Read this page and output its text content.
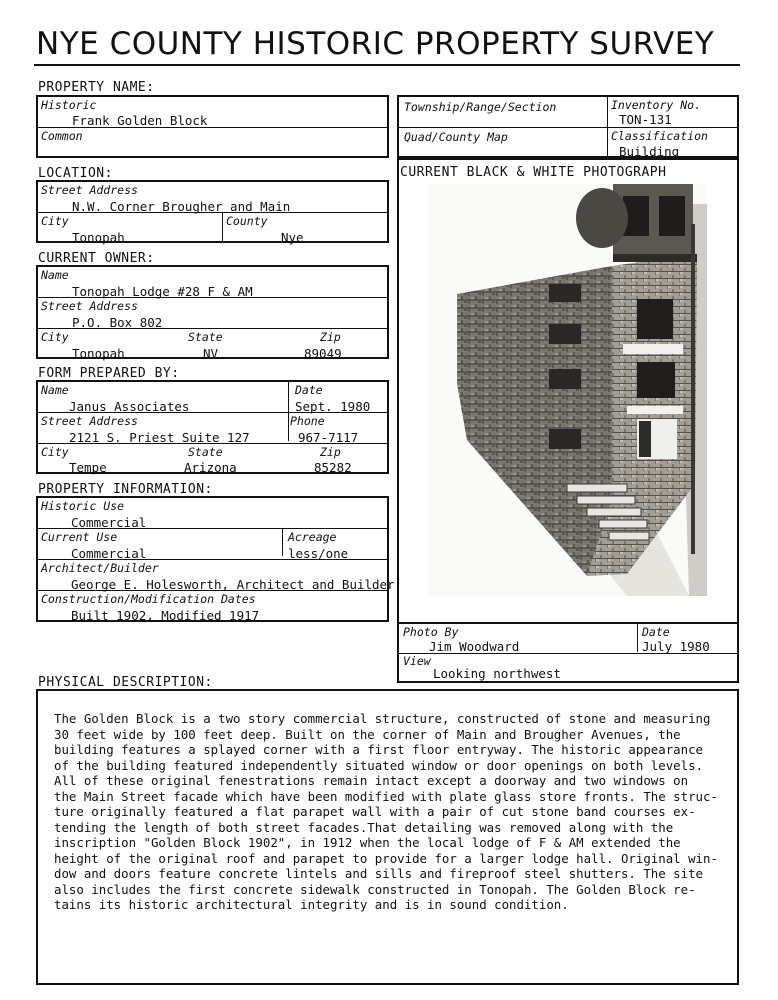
NYE COUNTY HISTORIC PROPERTY SURVEY
PROPERTY NAME:
Historic
Frank Golden Block
Common
LOCATION:
Street Address
N.W. Corner Brougher and Main
City
Tonopah
County
Nye
CURRENT OWNER:
Name
Tonopah Lodge #28 F & AM
Street Address
P.O. Box 802
City
Tonopah
State
NV
Zip
89049
FORM PREPARED BY:
Name
Janus Associates
Date
Sept. 1980
Street Address
2121 S. Priest Suite 127
Phone
967-7117
City
Tempe
State
Arizona
Zip
85282
PROPERTY INFORMATION:
Historic Use
Commercial
Current Use
Commercial
Acreage
less/one
Architect/Builder
George E. Holesworth, Architect and Builder
Construction/Modification Dates
Built 1902, Modified 1917
Township/Range/Section	Inventory No.
TON-131
Quad/County Map	Classification
Building
CURRENT BLACK & WHITE PHOTOGRAPH
Photo By
Jim Woodward
Date
July 1980
View
Looking northwest
PHYSICAL DESCRIPTION:
The Golden Block is a two story commercial structure, constructed of stone and measuring
30 feet wide by 100 feet deep. Built on the corner of Main and Brougher Avenues, the
building features a splayed corner with a first floor entryway. The historic appearance
of the building featured independently situated window or door openings on both levels.
All of these original fenestrations remain intact except a doorway and two windows on
the Main Street facade which have been modified with plate glass store fronts. The struc-
ture originally featured a flat parapet wall with a pair of cut stone band courses ex-
tending the length of both street facades.That detailing was removed along with the
inscription "Golden Block 1902", in 1912 when the local lodge of F & AM extended the
height of the original roof and parapet to provide for a larger lodge hall. Original win-
dow and doors feature concrete lintels and sills and fireproof steel shutters. The site
also includes the first concrete sidewalk constructed in Tonopah. The Golden Block re-
tains its historic architectural integrity and is in sound condition.
